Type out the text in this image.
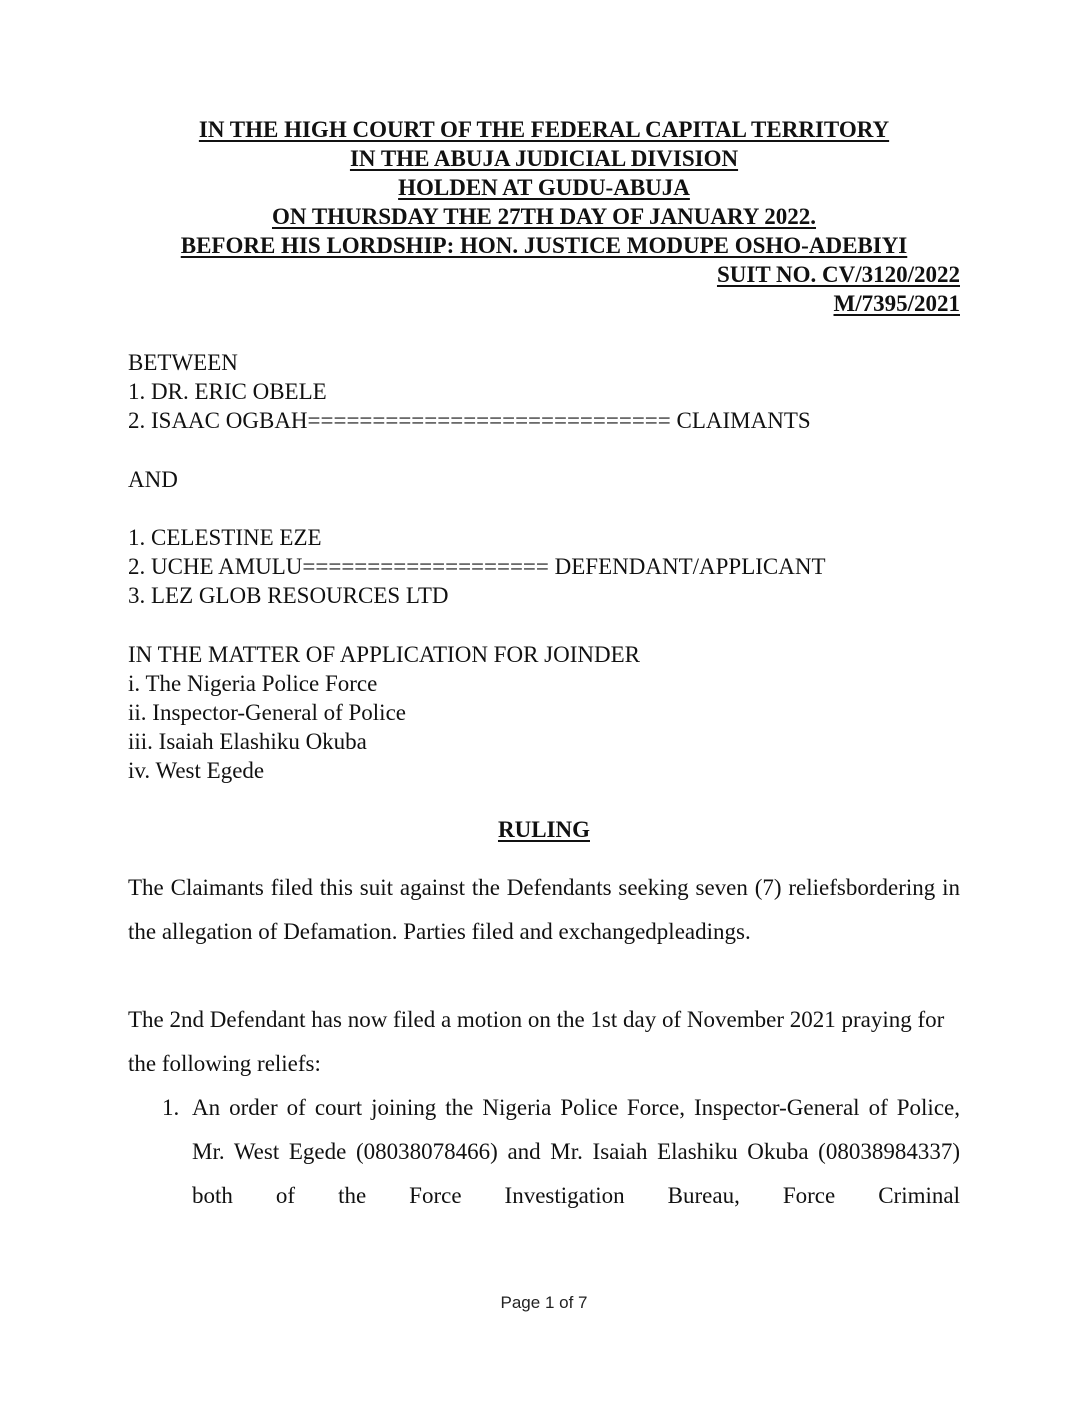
IN THE HIGH COURT OF THE FEDERAL CAPITAL TERRITORY

IN THE ABUJA JUDICIAL DIVISION

HOLDEN AT GUDU-ABUJA

ON THURSDAY THE 27TH DAY OF JANUARY 2022.

BEFORE HIS LORDSHIP: HON. JUSTICE MODUPE OSHO-ADEBIYI

SUIT NO. CV/3120/2022

M/7395/2021

BETWEEN

1. DR. ERIC OBELE

2. ISAAC OGBAH============================ CLAIMANTS

AND

1. CELESTINE EZE

2. UCHE AMULU=================== DEFENDANT/APPLICANT

3. LEZ GLOB RESOURCES LTD

IN THE MATTER OF APPLICATION FOR JOINDER

i. The Nigeria Police Force

ii. Inspector-General of Police

iii. Isaiah Elashiku Okuba

iv. West Egede

RULING

The Claimants filed this suit against the Defendants seeking seven (7) reliefsbordering in the allegation of Defamation. Parties filed and exchangedpleadings.

The 2nd Defendant has now filed a motion on the 1st day of November 2021 praying for the following reliefs:

1. An order of court joining the Nigeria Police Force, Inspector-General of Police, Mr. West Egede (08038078466) and Mr. Isaiah Elashiku Okuba (08038984337) both of the Force Investigation Bureau, Force Criminal

Page 1 of 7
